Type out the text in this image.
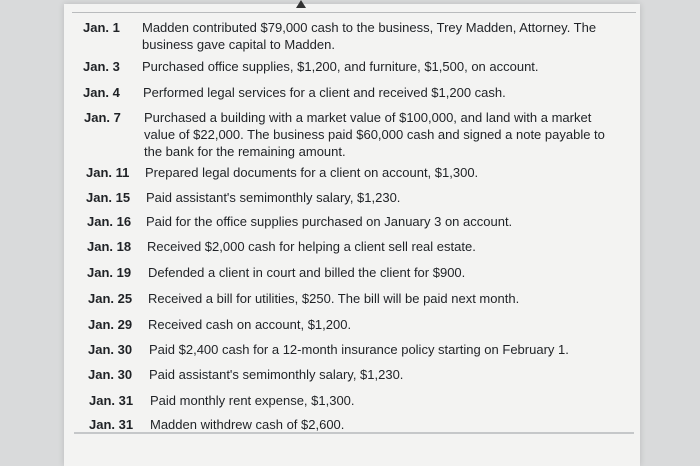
Jan. 1 Madden contributed $79,000 cash to the business, Trey Madden, Attorney. The business gave capital to Madden.
Jan. 3 Purchased office supplies, $1,200, and furniture, $1,500, on account.
Jan. 4 Performed legal services for a client and received $1,200 cash.
Jan. 7 Purchased a building with a market value of $100,000, and land with a market value of $22,000. The business paid $60,000 cash and signed a note payable to the bank for the remaining amount.
Jan. 11 Prepared legal documents for a client on account, $1,300.
Jan. 15 Paid assistant's semimonthly salary, $1,230.
Jan. 16 Paid for the office supplies purchased on January 3 on account.
Jan. 18 Received $2,000 cash for helping a client sell real estate.
Jan. 19 Defended a client in court and billed the client for $900.
Jan. 25 Received a bill for utilities, $250. The bill will be paid next month.
Jan. 29 Received cash on account, $1,200.
Jan. 30 Paid $2,400 cash for a 12-month insurance policy starting on February 1.
Jan. 30 Paid assistant's semimonthly salary, $1,230.
Jan. 31 Paid monthly rent expense, $1,300.
Jan. 31 Madden withdrew cash of $2,600.
